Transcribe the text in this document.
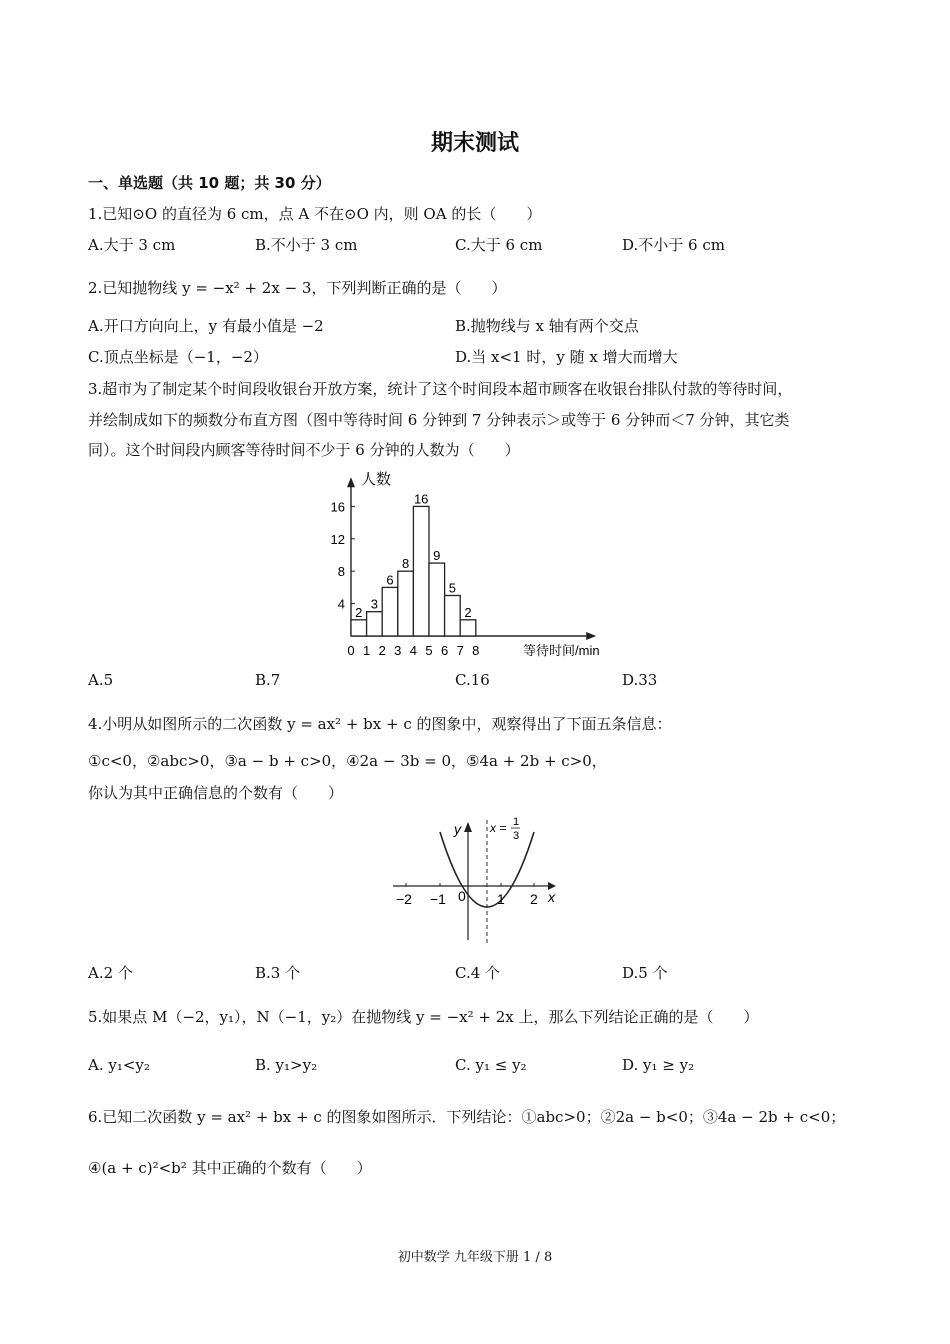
期末测试
一、单选题（共 10 题；共 30 分）
1.已知⊙O 的直径为 6 cm，点 A 不在⊙O 内，则 OA 的长（　　）
A.大于 3 cm	B.不小于 3 cm	C.大于 6 cm	D.不小于 6 cm
2.已知抛物线 y = −x² + 2x − 3，下列判断正确的是（　　）
A.开口方向向上，y 有最小值是 −2	B.抛物线与 x 轴有两个交点
C.顶点坐标是（−1，−2）	D.当 x<1 时，y 随 x 增大而增大
3.超市为了制定某个时间段收银台开放方案，统计了这个时间段本超市顾客在收银台排队付款的等待时间，
并绘制成如下的频数分布直方图（图中等待时间 6 分钟到 7 分钟表示＞或等于 6 分钟而＜7 分钟，其它类
同）。这个时间段内顾客等待时间不少于 6 分钟的人数为（　　）
2
3
6
8
16
9
5
2
0 1 2 3 4 5 6 7 8
4
8
12
16
人数
等待时间/min
A.5	B.7	C.16	D.33
4.小明从如图所示的二次函数 y = ax² + bx + c 的图象中，观察得出了下面五条信息：
①c<0，②abc>0，③a − b + c>0，④2a − 3b = 0，⑤4a + 2b + c>0，
你认为其中正确信息的个数有（　　）
−2 −1 0 1 2 x
y x = 1
3
A.2 个	B.3 个	C.4 个	D.5 个
5.如果点 M（−2，y₁），N（−1，y₂）在抛物线 y = −x² + 2x 上，那么下列结论正确的是（　　）
A. y₁<y₂	B. y₁>y₂	C. y₁ ≤ y₂	D. y₁ ≥ y₂
6.已知二次函数 y = ax² + bx + c 的图象如图所示．下列结论：①abc>0；②2a − b<0；③4a − 2b + c<0；
④(a + c)²<b² 其中正确的个数有（　　）
初中数学 九年级下册 1 / 8
